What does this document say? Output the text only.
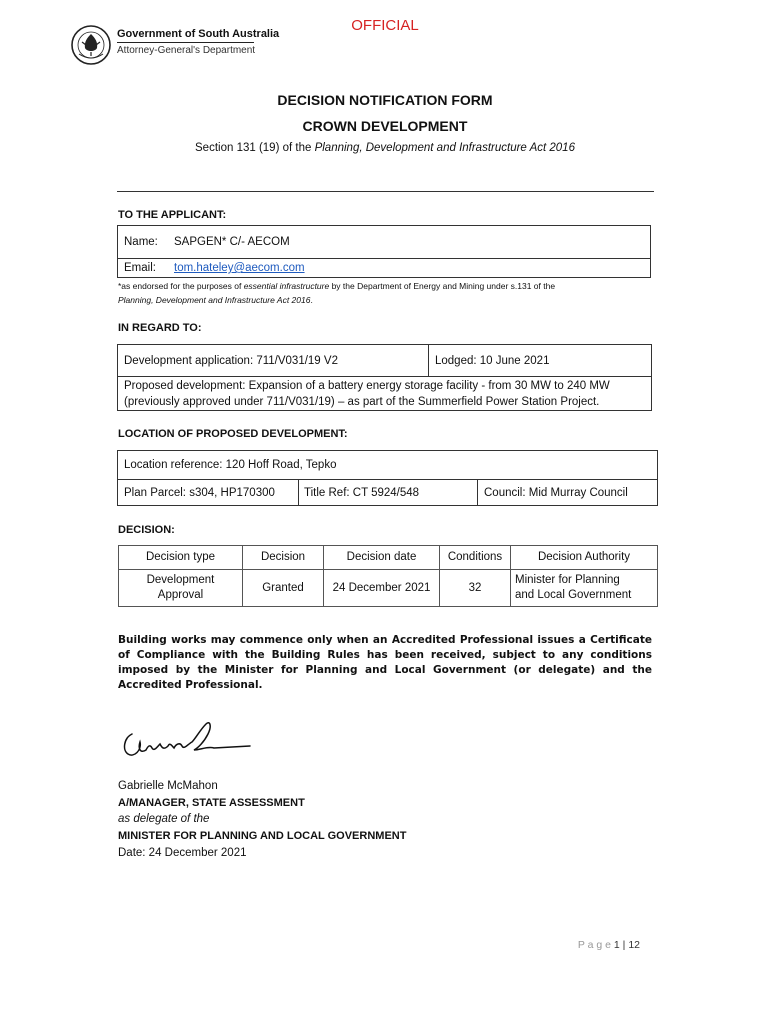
OFFICIAL
Government of South Australia
Attorney-General's Department
DECISION NOTIFICATION FORM
CROWN DEVELOPMENT
Section 131 (19) of the Planning, Development and Infrastructure Act 2016
TO THE APPLICANT:
Name: SAPGEN* C/- AECOM
Email: tom.hateley@aecom.com
*as endorsed for the purposes of essential infrastructure by the Department of Energy and Mining under s.131 of the
Planning, Development and Infrastructure Act 2016.
IN REGARD TO:
Development application: 711/V031/19 V2	Lodged: 10 June 2021
Proposed development: Expansion of a battery energy storage facility - from 30 MW to 240 MW
(previously approved under 711/V031/19) – as part of the Summerfield Power Station Project.
LOCATION OF PROPOSED DEVELOPMENT:
Location reference: 120 Hoff Road, Tepko
Plan Parcel: s304, HP170300	Title Ref: CT 5924/548	Council: Mid Murray Council
DECISION:
Decision type	Decision	Decision date	Conditions	Decision Authority
Development
Approval	Granted	24 December 2021	32	Minister for Planning
and Local Government
Building works may commence only when an Accredited Professional issues a Certificate of Compliance with the Building Rules has been received, subject to any conditions imposed by the Minister for Planning and Local Government (or delegate) and the Accredited Professional.
Gabrielle McMahon
A/MANAGER, STATE ASSESSMENT
as delegate of the
MINISTER FOR PLANNING AND LOCAL GOVERNMENT
Date: 24 December 2021
P a g e 1 | 12
